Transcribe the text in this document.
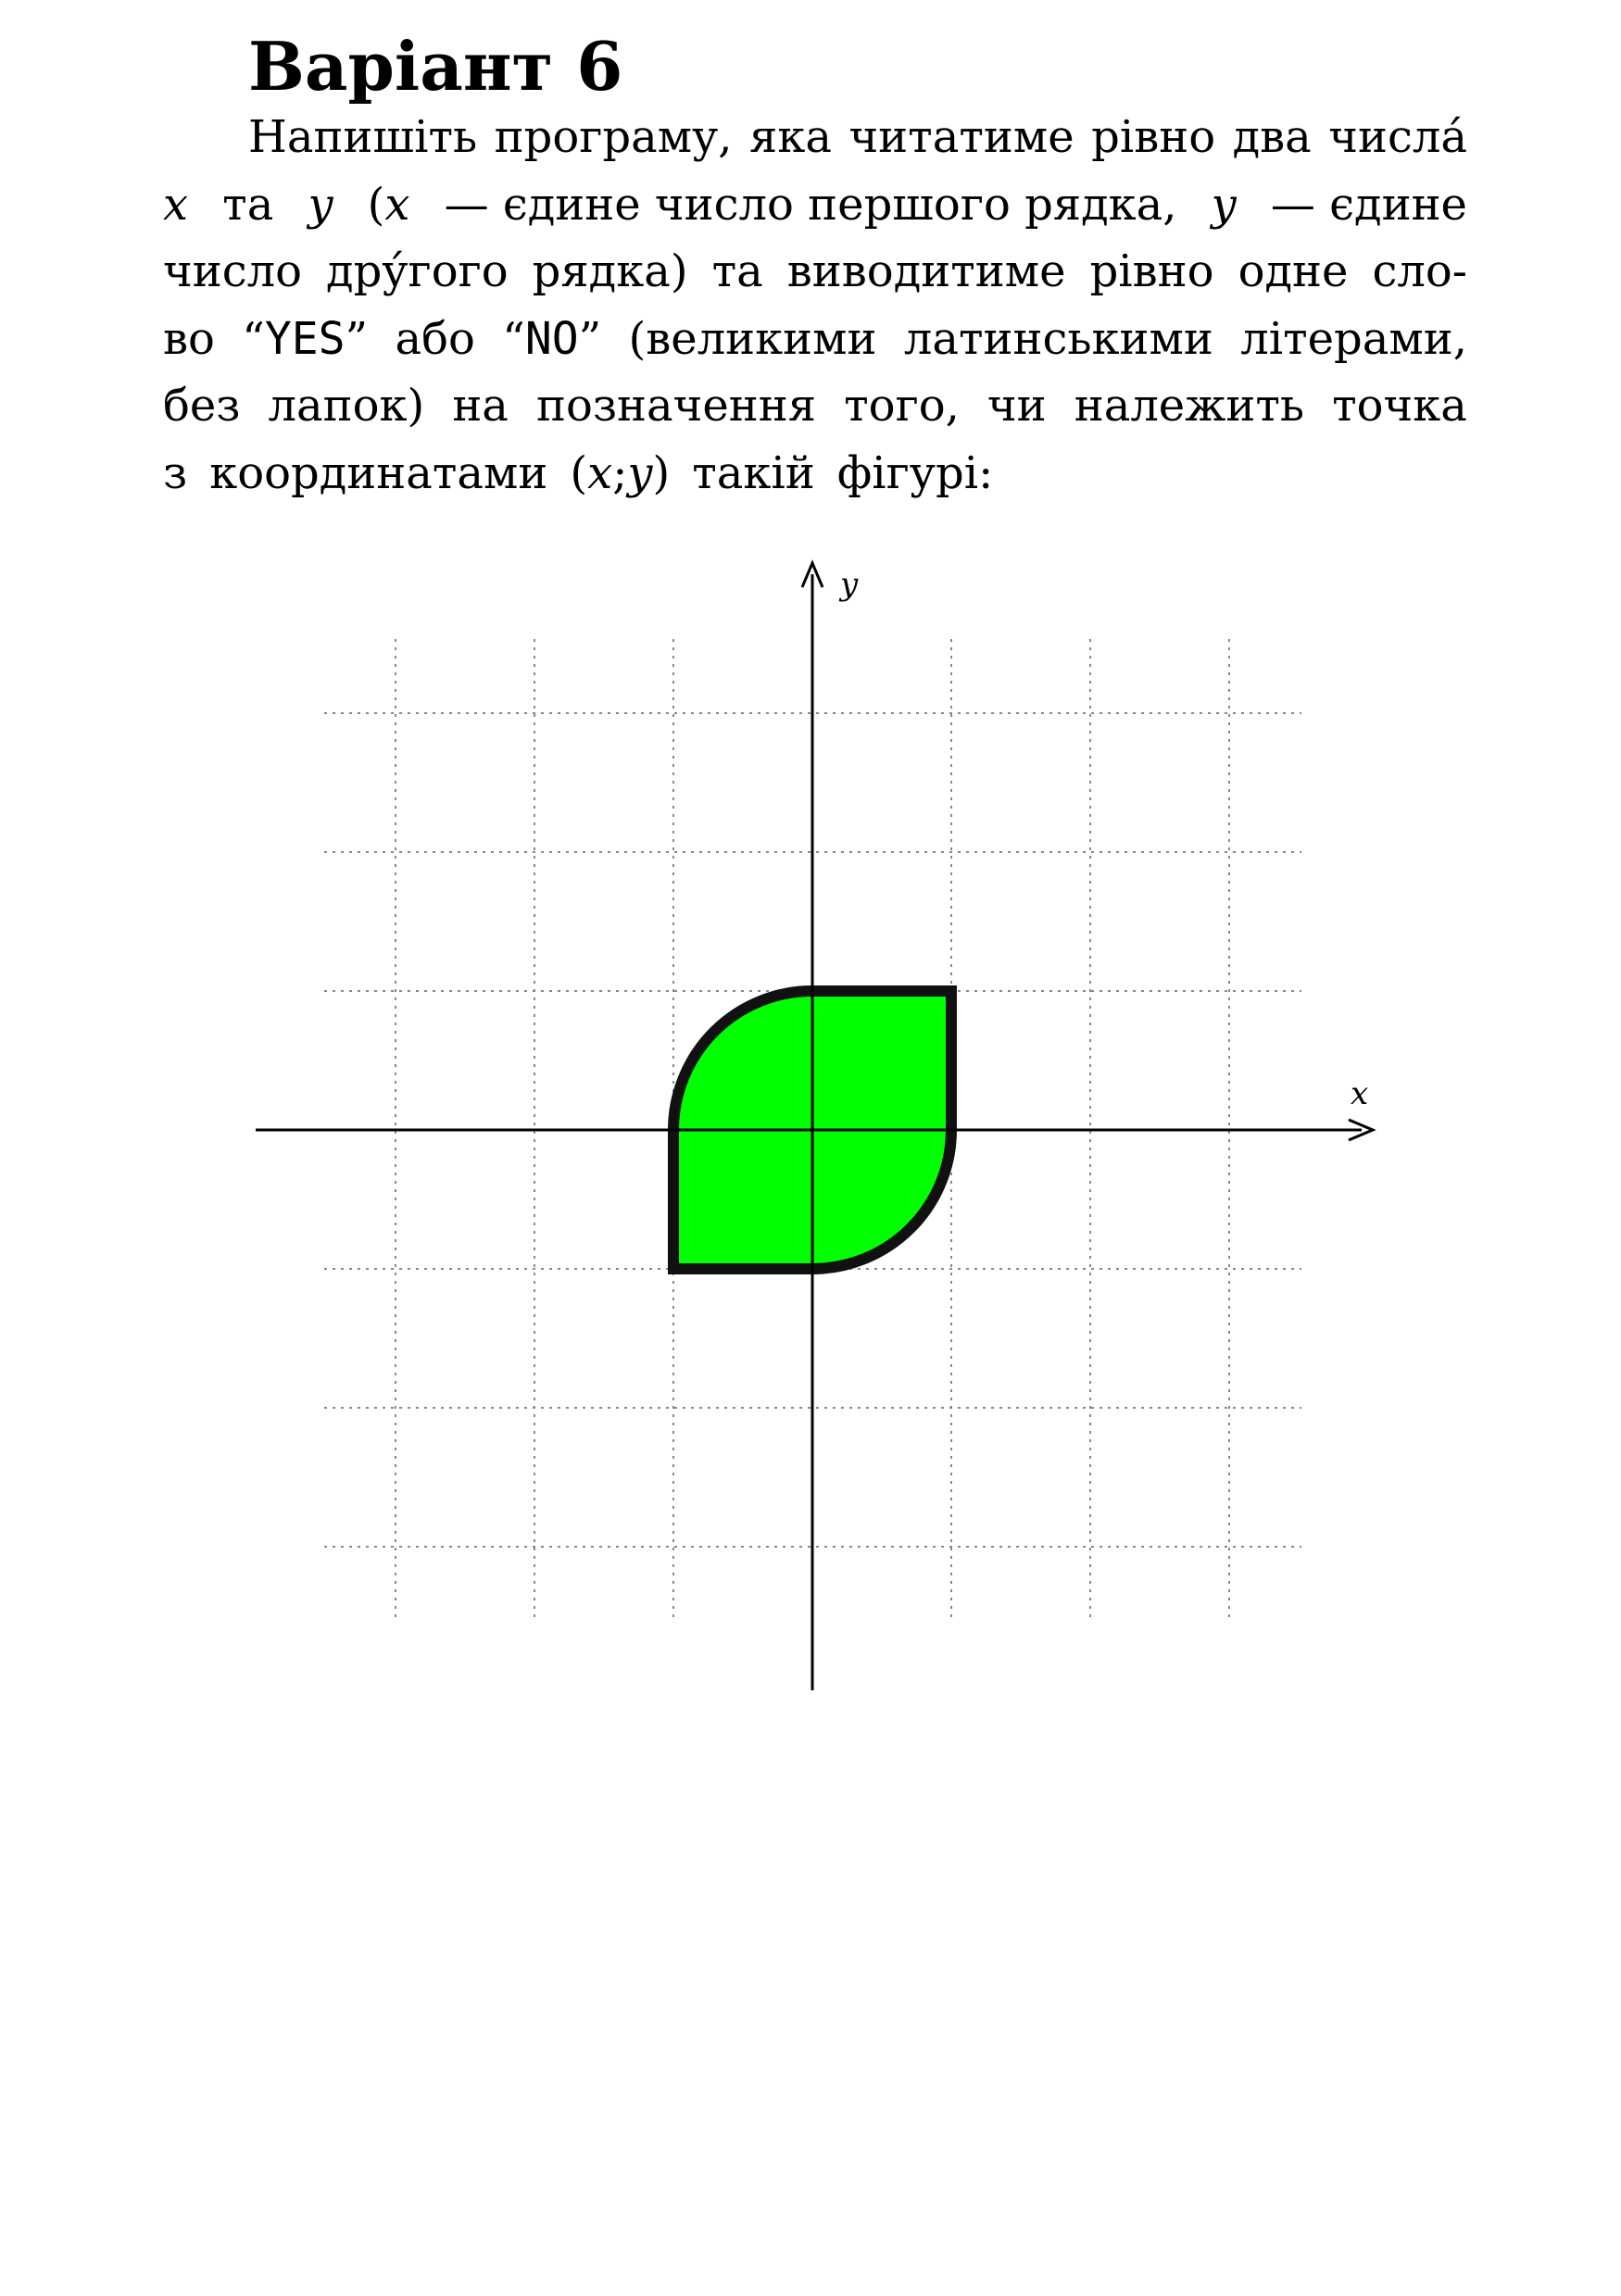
Варіант 6
Напишіть програму, яка читатиме рівно два числа́
x та y (x — єдине число першого рядка, y — єдине
число дру́гого рядка) та виводитиме рівно одне сло-
во “YES” або “NO” (великими латинськими літерами,
без лапок) на позначення того, чи належить точка
з координатами (x;y) такій фігурі:
x
y
